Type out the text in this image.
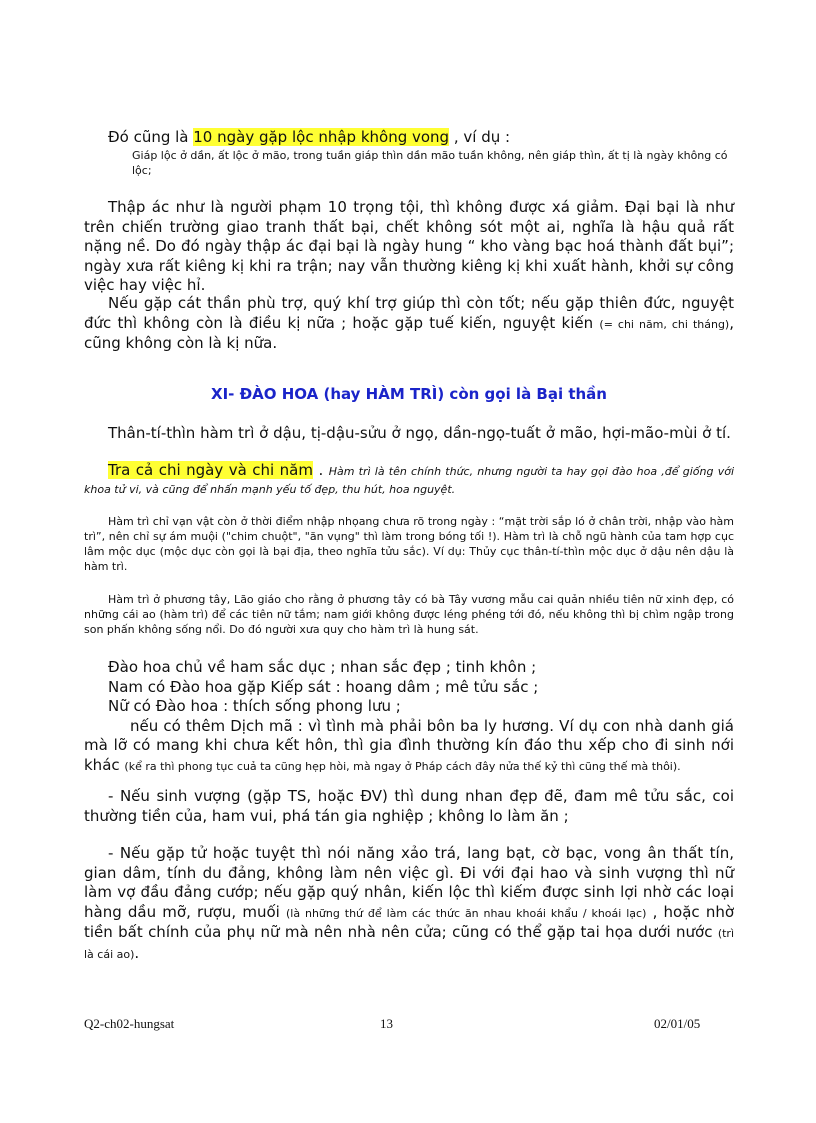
Đó cũng là 10 ngày gặp lộc nhập không vong , ví dụ :
Giáp lộc ở dần, ất lộc ở mão, trong tuần giáp thìn dần mão tuần không, nên giáp thìn, ất tị là ngày không có lộc;
Thập ác như là người phạm 10 trọng tội, thì không được xá giảm. Đại bại là như trên chiến trường giao tranh thất bại, chết không sót một ai, nghĩa là hậu quả rất nặng nề. Do đó ngày thập ác đại bại là ngày hung “ kho vàng bạc hoá thành đất bụi”; ngày xưa rất kiêng kị khi ra trận; nay vẫn thường kiêng kị khi xuất hành, khởi sự công việc hay việc hỉ.
Nếu gặp cát thần phù trợ, quý khí trợ giúp thì còn tốt; nếu gặp thiên đức, nguyệt đức thì không còn là điều kị nữa ; hoặc gặp tuế kiến, nguyệt kiến (= chi năm, chi tháng), cũng không còn là kị nữa.
XI- ĐÀO HOA (hay HÀM TRÌ) còn gọi là Bại thần
Thân-tí-thìn hàm trì ở dậu, tị-dậu-sửu ở ngọ, dần-ngọ-tuất ở mão, hợi-mão-mùi ở tí.
Tra cả chi ngày và chi năm . Hàm trì là tên chính thức, nhưng người ta hay gọi đào hoa ,để giống với khoa tử vi, và cũng để nhấn mạnh yếu tố đẹp, thu hút, hoa nguyệt.
Hàm trì chỉ vạn vật còn ở thời điểm nhập nhọang chưa rõ trong ngày : “mặt trời sắp ló ở chân trời, nhập vào hàm trì”, nên chỉ sự ám muội ("chim chuột", "ăn vụng" thì làm trong bóng tối !). Hàm trì là chỗ ngũ hành của tam hợp cục lâm mộc dục (mộc dục còn gọi là bại địa, theo nghĩa tửu sắc). Ví dụ: Thủy cục thân-tí-thìn mộc dục ở dậu nên dậu là hàm trì.
Hàm trì ở phương tây, Lão giáo cho rằng ở phương tây có bà Tây vương mẫu cai quản nhiều tiên nữ xinh đẹp, có những cái ao (hàm trì) để các tiên nữ tắm; nam giới không được léng phéng tới đó, nếu không thì bị chìm ngập trong son phấn không sống nổi. Do đó người xưa quy cho hàm trì là hung sát.
Đào hoa chủ về ham sắc dục ; nhan sắc đẹp ; tinh khôn ;
Nam có Đào hoa gặp Kiếp sát : hoang dâm ; mê tửu sắc ;
Nữ có Đào hoa : thích sống phong lưu ;
nếu có thêm Dịch mã : vì tình mà phải bôn ba ly hương. Ví dụ con nhà danh giá mà lỡ có mang khi chưa kết hôn, thì gia đình thường kín đáo thu xếp cho đi sinh nới khác (kể ra thì phong tục cuả ta cũng hẹp hòi, mà ngay ở Pháp cách đây nửa thế kỷ thì cũng thế mà thôi).
- Nếu sinh vượng (gặp TS, hoặc ĐV) thì dung nhan đẹp đẽ, đam mê tửu sắc, coi thường tiền của, ham vui, phá tán gia nghiệp ; không lo làm ăn ;
- Nếu gặp tử hoặc tuyệt thì nói năng xảo trá, lang bạt, cờ bạc, vong ân thất tín, gian dâm, tính du đảng, không làm nên việc gì. Đi với đại hao và sinh vượng thì nữ làm vợ đầu đảng cướp; nếu gặp quý nhân, kiến lộc thì kiếm được sinh lợi nhờ các loại hàng dầu mỡ, rượu, muối (là những thứ để làm các thức ăn nhau khoái khẩu / khoái lạc) , hoặc nhờ tiền bất chính của phụ nữ mà nên nhà nên cửa; cũng có thể gặp tai họa dưới nước (trì là cái ao).
Q2-ch02-hungsat	13	02/01/05
